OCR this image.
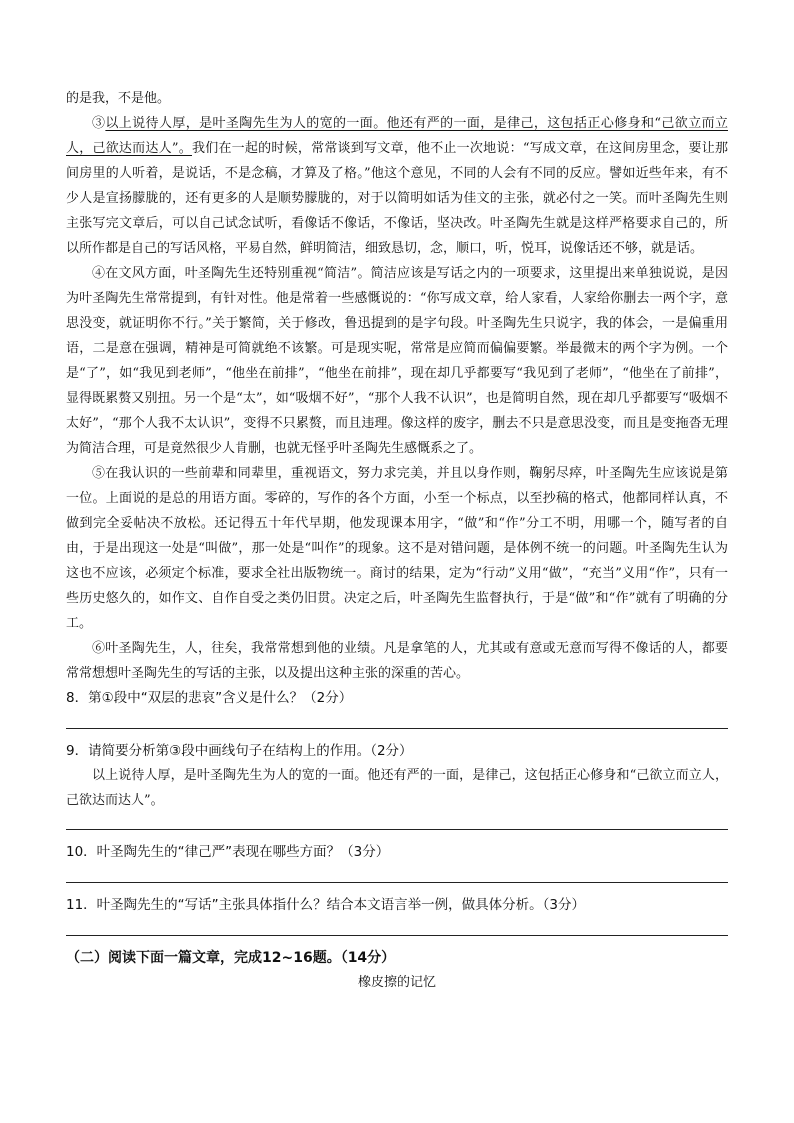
的是我，不是他。

③以上说待人厚，是叶圣陶先生为人的宽的一面。他还有严的一面，是律己，这包括正心修身和“己欲立而立人，己欲达而达人”。我们在一起的时候，常常谈到写文章，他不止一次地说：“写成文章，在这间房里念，要让那间房里的人听着，是说话，不是念稿，才算及了格。”他这个意见，不同的人会有不同的反应。譬如近些年来，有不少人是宣扬朦胧的，还有更多的人是顺势朦胧的，对于以简明如话为佳文的主张，就必付之一笑。而叶圣陶先生则主张写完文章后，可以自己试念试听，看像话不像话，不像话，坚决改。叶圣陶先生就是这样严格要求自己的，所以所作都是自己的写话风格，平易自然，鲜明简洁，细致恳切，念，顺口，听，悦耳，说像话还不够，就是话。

④在文风方面，叶圣陶先生还特别重视“简洁”。简洁应该是写话之内的一项要求，这里提出来单独说说，是因为叶圣陶先生常常提到，有针对性。他是常着一些感慨说的：“你写成文章，给人家看，人家给你删去一两个字，意思没变，就证明你不行。”关于繁简，关于修改，鲁迅提到的是字句段。叶圣陶先生只说字，我的体会，一是偏重用语，二是意在强调，精神是可简就绝不该繁。可是现实呢，常常是应简而偏偏要繁。举最微末的两个字为例。一个是“了”，如“我见到老师”，“他坐在前排”，“他坐在前排”，现在却几乎都要写“我见到了老师”，“他坐在了前排”，显得既累赘又别扭。另一个是“太”，如“吸烟不好”，“那个人我不认识”，也是简明自然，现在却几乎都要写“吸烟不太好”，“那个人我不太认识”，变得不只累赘，而且违理。像这样的废字，删去不只是意思没变，而且是变拖沓无理为简洁合理，可是竟然很少人肯删，也就无怪乎叶圣陶先生感慨系之了。

⑤在我认识的一些前辈和同辈里，重视语文，努力求完美，并且以身作则，鞠躬尽瘁，叶圣陶先生应该说是第一位。上面说的是总的用语方面。零碎的，写作的各个方面，小至一个标点，以至抄稿的格式，他都同样认真，不做到完全妥帖决不放松。还记得五十年代早期，他发现课本用字，“做”和“作”分工不明，用哪一个，随写者的自由，于是出现这一处是“叫做”，那一处是“叫作”的现象。这不是对错问题，是体例不统一的问题。叶圣陶先生认为这也不应该，必须定个标准，要求全社出版物统一。商讨的结果，定为“行动”义用“做”，“充当”义用“作”，只有一些历史悠久的，如作文、自作自受之类仍旧贯。决定之后，叶圣陶先生监督执行，于是“做”和“作”就有了明确的分工。

⑥叶圣陶先生，人，往矣，我常常想到他的业绩。凡是拿笔的人，尤其或有意或无意而写得不像话的人，都要常常想想叶圣陶先生的写话的主张，以及提出这种主张的深重的苦心。

8．第①段中“双层的悲哀”含义是什么？（2分）

9．请简要分析第③段中画线句子在结构上的作用。（2分）

以上说待人厚，是叶圣陶先生为人的宽的一面。他还有严的一面，是律己，这包括正心修身和“己欲立而立人，己欲达而达人”。

10．叶圣陶先生的“律己严”表现在哪些方面？（3分）

11．叶圣陶先生的“写话”主张具体指什么？结合本文语言举一例，做具体分析。（3分）

（二）阅读下面一篇文章，完成12~16题。（14分）

橡皮擦的记忆
